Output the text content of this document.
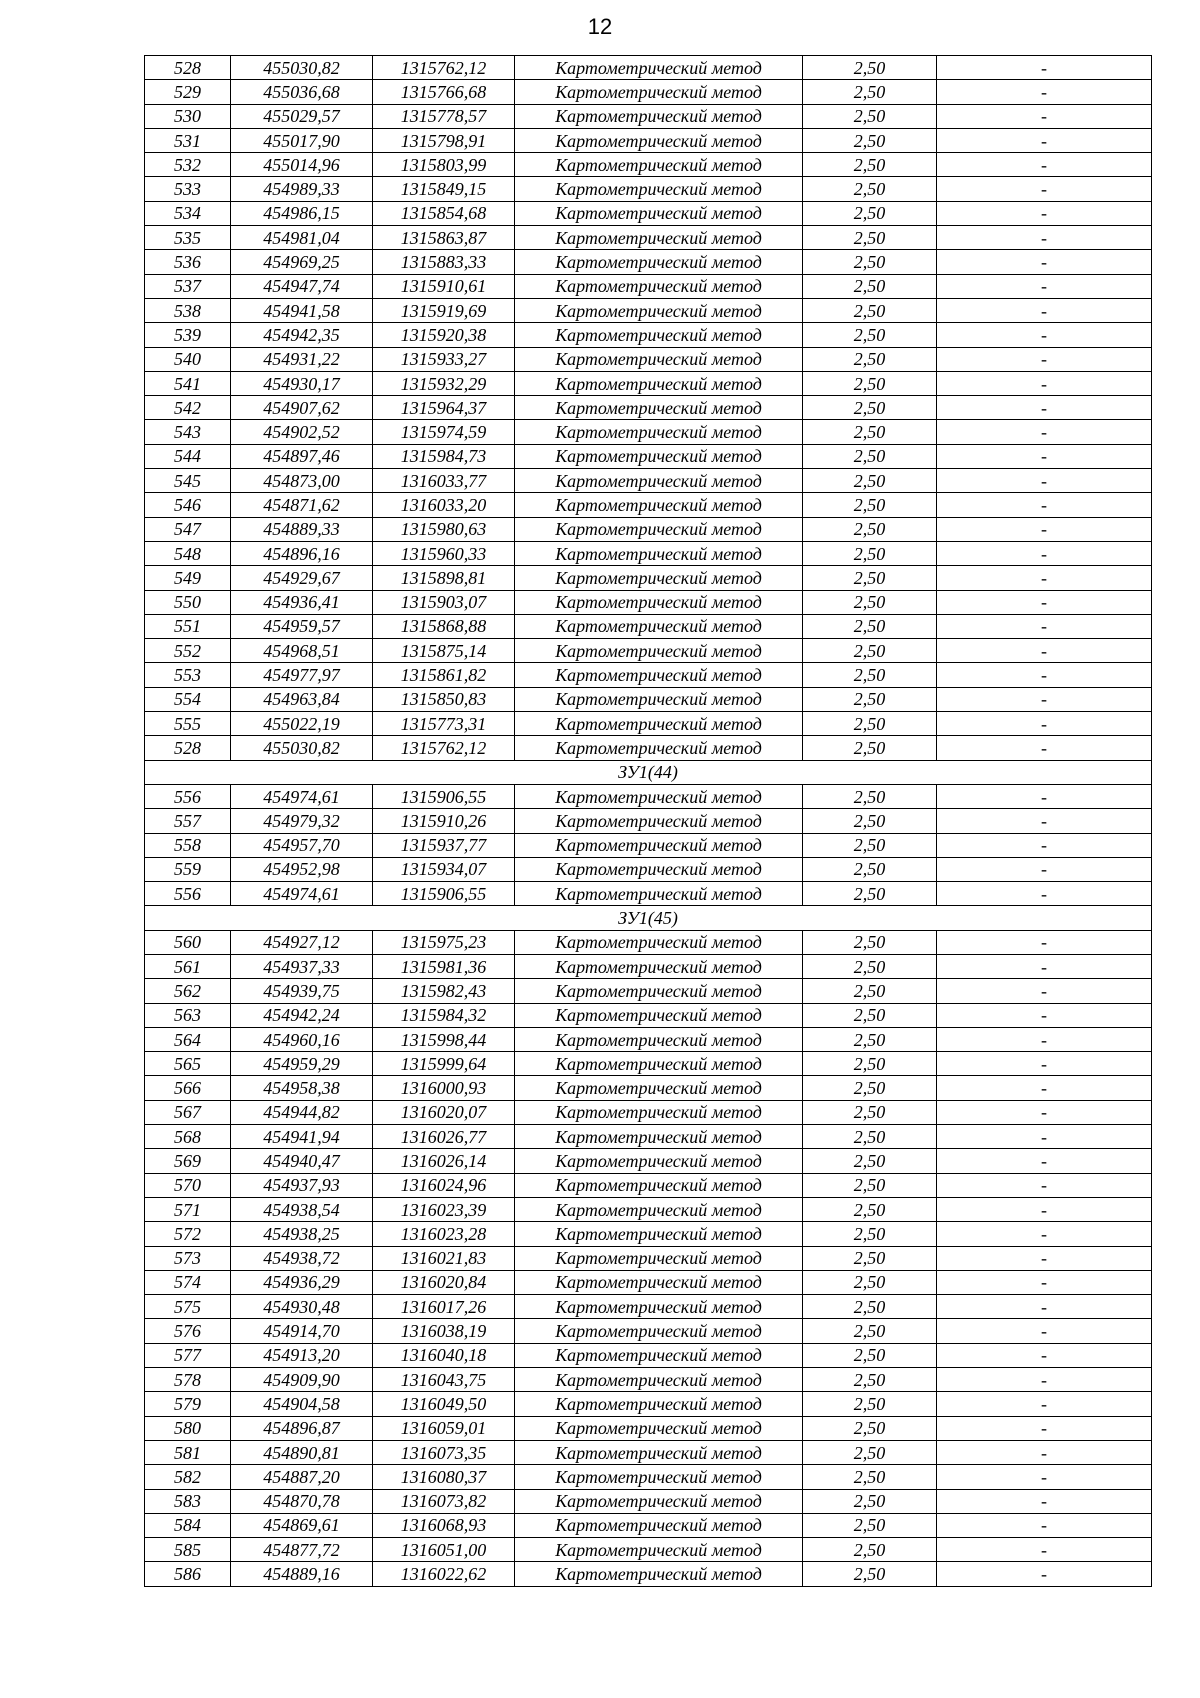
12
528	455030,82	1315762,12	Картометрический метод	2,50	-
529	455036,68	1315766,68	Картометрический метод	2,50	-
530	455029,57	1315778,57	Картометрический метод	2,50	-
531	455017,90	1315798,91	Картометрический метод	2,50	-
532	455014,96	1315803,99	Картометрический метод	2,50	-
533	454989,33	1315849,15	Картометрический метод	2,50	-
534	454986,15	1315854,68	Картометрический метод	2,50	-
535	454981,04	1315863,87	Картометрический метод	2,50	-
536	454969,25	1315883,33	Картометрический метод	2,50	-
537	454947,74	1315910,61	Картометрический метод	2,50	-
538	454941,58	1315919,69	Картометрический метод	2,50	-
539	454942,35	1315920,38	Картометрический метод	2,50	-
540	454931,22	1315933,27	Картометрический метод	2,50	-
541	454930,17	1315932,29	Картометрический метод	2,50	-
542	454907,62	1315964,37	Картометрический метод	2,50	-
543	454902,52	1315974,59	Картометрический метод	2,50	-
544	454897,46	1315984,73	Картометрический метод	2,50	-
545	454873,00	1316033,77	Картометрический метод	2,50	-
546	454871,62	1316033,20	Картометрический метод	2,50	-
547	454889,33	1315980,63	Картометрический метод	2,50	-
548	454896,16	1315960,33	Картометрический метод	2,50	-
549	454929,67	1315898,81	Картометрический метод	2,50	-
550	454936,41	1315903,07	Картометрический метод	2,50	-
551	454959,57	1315868,88	Картометрический метод	2,50	-
552	454968,51	1315875,14	Картометрический метод	2,50	-
553	454977,97	1315861,82	Картометрический метод	2,50	-
554	454963,84	1315850,83	Картометрический метод	2,50	-
555	455022,19	1315773,31	Картометрический метод	2,50	-
528	455030,82	1315762,12	Картометрический метод	2,50	-
ЗУ1(44)					
556	454974,61	1315906,55	Картометрический метод	2,50	-
557	454979,32	1315910,26	Картометрический метод	2,50	-
558	454957,70	1315937,77	Картометрический метод	2,50	-
559	454952,98	1315934,07	Картометрический метод	2,50	-
556	454974,61	1315906,55	Картометрический метод	2,50	-
ЗУ1(45)					
560	454927,12	1315975,23	Картометрический метод	2,50	-
561	454937,33	1315981,36	Картометрический метод	2,50	-
562	454939,75	1315982,43	Картометрический метод	2,50	-
563	454942,24	1315984,32	Картометрический метод	2,50	-
564	454960,16	1315998,44	Картометрический метод	2,50	-
565	454959,29	1315999,64	Картометрический метод	2,50	-
566	454958,38	1316000,93	Картометрический метод	2,50	-
567	454944,82	1316020,07	Картометрический метод	2,50	-
568	454941,94	1316026,77	Картометрический метод	2,50	-
569	454940,47	1316026,14	Картометрический метод	2,50	-
570	454937,93	1316024,96	Картометрический метод	2,50	-
571	454938,54	1316023,39	Картометрический метод	2,50	-
572	454938,25	1316023,28	Картометрический метод	2,50	-
573	454938,72	1316021,83	Картометрический метод	2,50	-
574	454936,29	1316020,84	Картометрический метод	2,50	-
575	454930,48	1316017,26	Картометрический метод	2,50	-
576	454914,70	1316038,19	Картометрический метод	2,50	-
577	454913,20	1316040,18	Картометрический метод	2,50	-
578	454909,90	1316043,75	Картометрический метод	2,50	-
579	454904,58	1316049,50	Картометрический метод	2,50	-
580	454896,87	1316059,01	Картометрический метод	2,50	-
581	454890,81	1316073,35	Картометрический метод	2,50	-
582	454887,20	1316080,37	Картометрический метод	2,50	-
583	454870,78	1316073,82	Картометрический метод	2,50	-
584	454869,61	1316068,93	Картометрический метод	2,50	-
585	454877,72	1316051,00	Картометрический метод	2,50	-
586	454889,16	1316022,62	Картометрический метод	2,50	-
